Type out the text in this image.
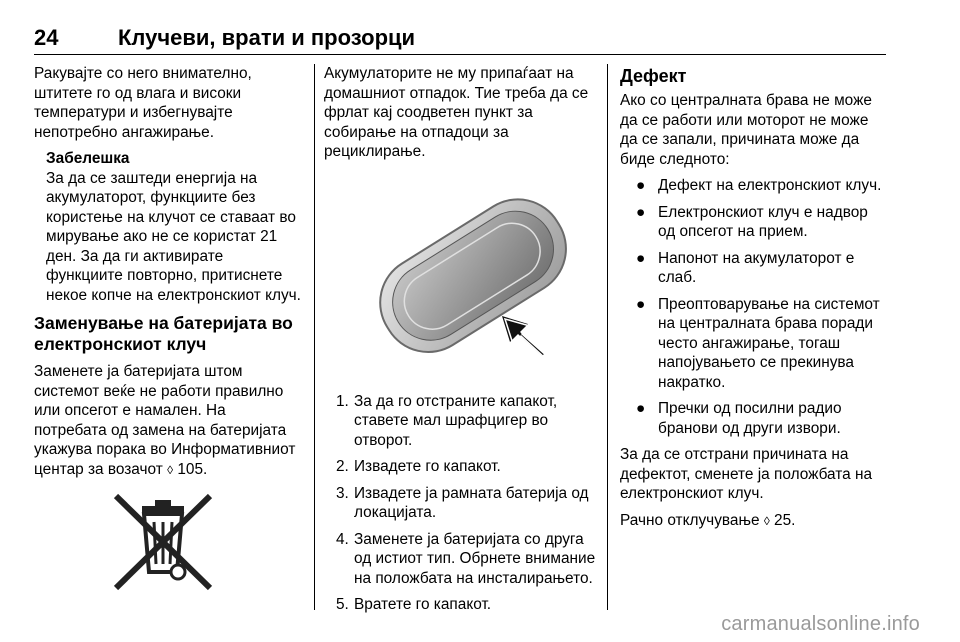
24	Клучеви, врати и прозорци

Ракувајте со него внимателно, штитете го од влага и високи температури и избегнувајте непотребно ангажирање.

Забелешка
За да се заштеди енергија на акумулаторот, функциите без користење на клучот се ставаат во мирување ако не се користат 21 ден. За да ги активирате функциите повторно, притиснете некое копче на електронскиот клуч.
Заменување на батеријата во електронскиот клуч

Заменете ја батеријата штом системот веќе не работи правилно или опсегот е намален. На потребата од замена на батеријата укажува порака во Информативниот центар за возачот ◊ 105.

Акумулаторите не му припаѓаат на домашниот отпадок. Тие треба да се фрлат кај соодветен пункт за собирање на отпадоци за рециклирање.

1. За да го отстраните капакот, ставете мал шрафцигер во отворот.
2. Извадете го капакот.
3. Извадете ја рамната батерија од локацијата.
4. Заменете ја батеријата со друга од истиот тип. Обрнете внимание на положбата на инсталирањето.
5. Вратете го капакот.
Дефект

Ако со централната брава не може да се работи или моторот не може да се запали, причината може да биде следното:

● Дефект на електронскиот клуч.
● Електронскиот клуч е надвор од опсегот на прием.
● Напонот на акумулаторот е слаб.
● Преоптоварување на системот на централната брава поради често ангажирање, тогаш напојувањето се прекинува накратко.
● Пречки од посилни радио бранови од други извори.

За да се отстрани причината на дефектот, сменете ја положбата на електронскиот клуч.

Рачно отклучување ◊ 25.

carmanualsonline.info
